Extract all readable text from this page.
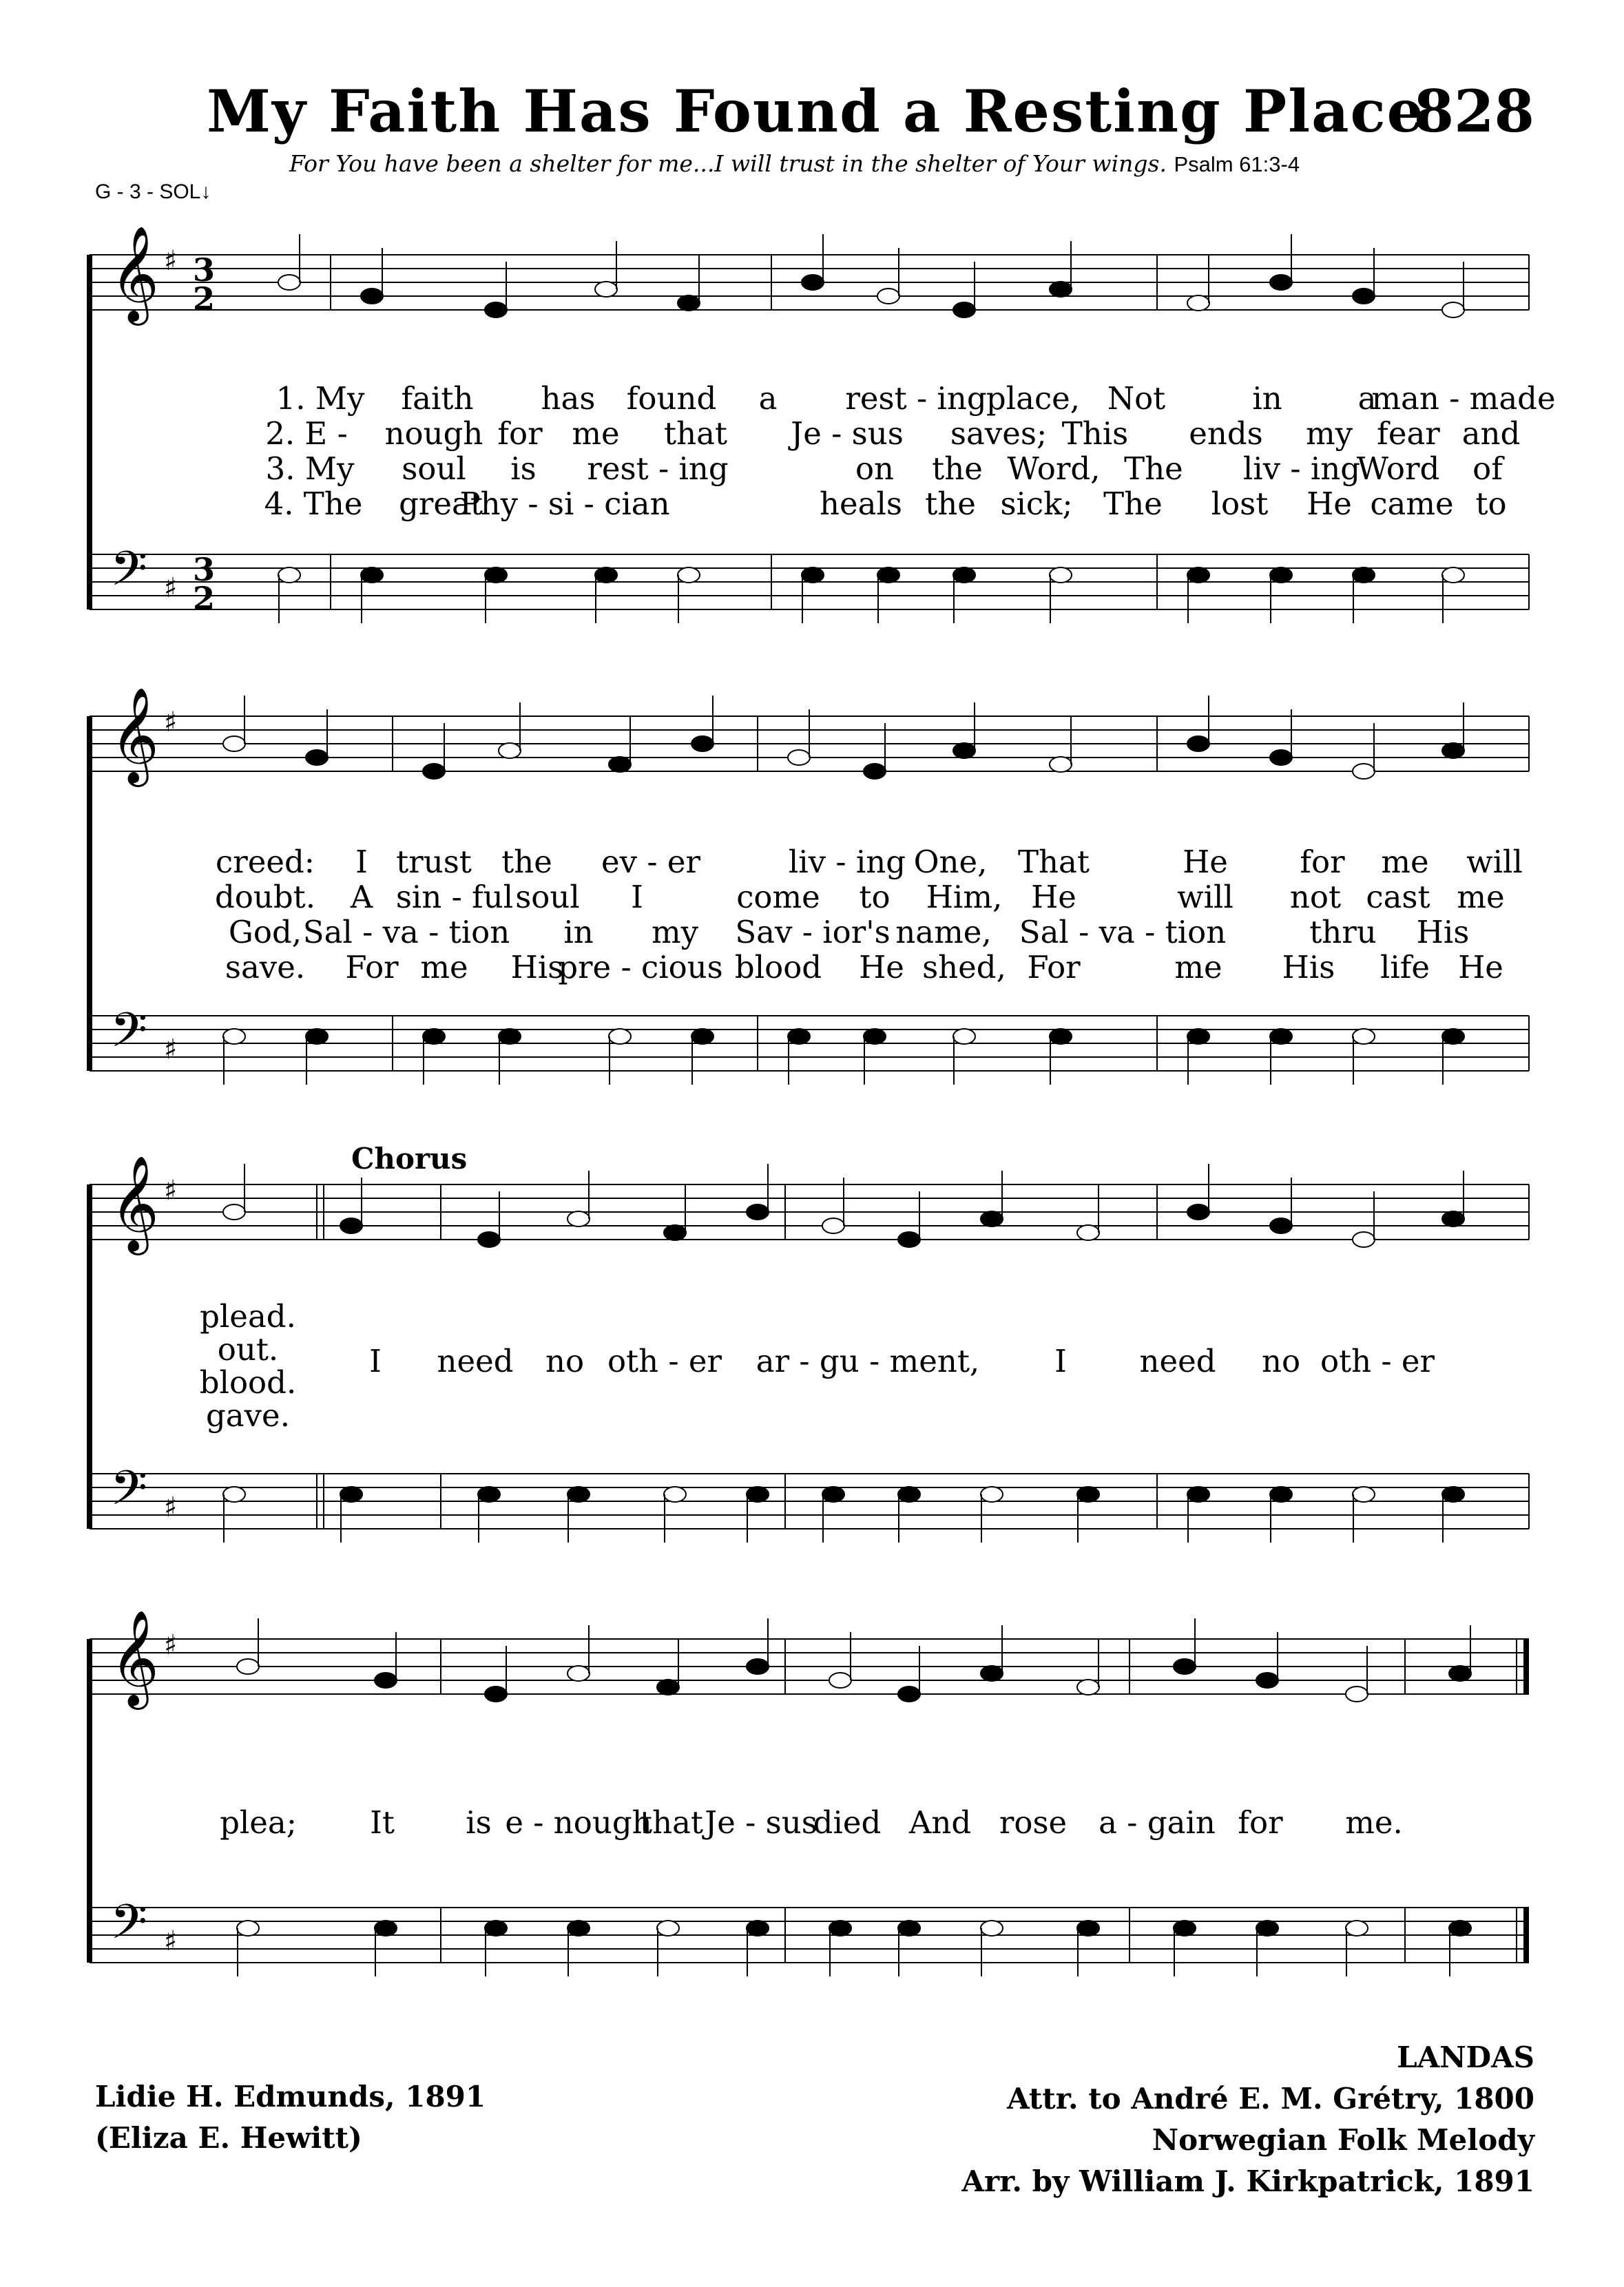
My Faith Has Found a Resting Place
828
For You have been a shelter for me...I will trust in the shelter of Your wings. Psalm 61:3-4
G - 3 - SOL↓
𝄞
𝄢
♯
♯
3
2
3
2
1. My faith has found a rest - ing place, Not	in a
man - made
2. E - nough for me that Je - sus saves; This ends my fear and
3. My soul is rest - ing	on the Word, The liv - ing
Word of
4. The great
Phy - si - cian	heals the sick; The lost He came to
𝄞
𝄢
♯
♯
creed: I trust the ev - er	liv - ing One, That	He for me will
doubt. A sin - ful soul I	come to Him, He	will not cast me
God, Sal - va - tion in my Sav - ior's name, Sal - va - tion	thru His
save. For me His
pre - cious blood He shed, For	me His life He
𝄞
𝄢
♯
♯
Chorus
plead.
out.
blood.
gave.
I need no oth - er ar - gu - ment, I need no oth - er
𝄞
𝄢
♯
♯
plea; It is e - nough
that Je - sus
died And rose a - gain for me.
Lidie H. Edmunds, 1891
(Eliza E. Hewitt)
LANDAS
Attr. to André E. M. Grétry, 1800
Norwegian Folk Melody
Arr. by William J. Kirkpatrick, 1891
